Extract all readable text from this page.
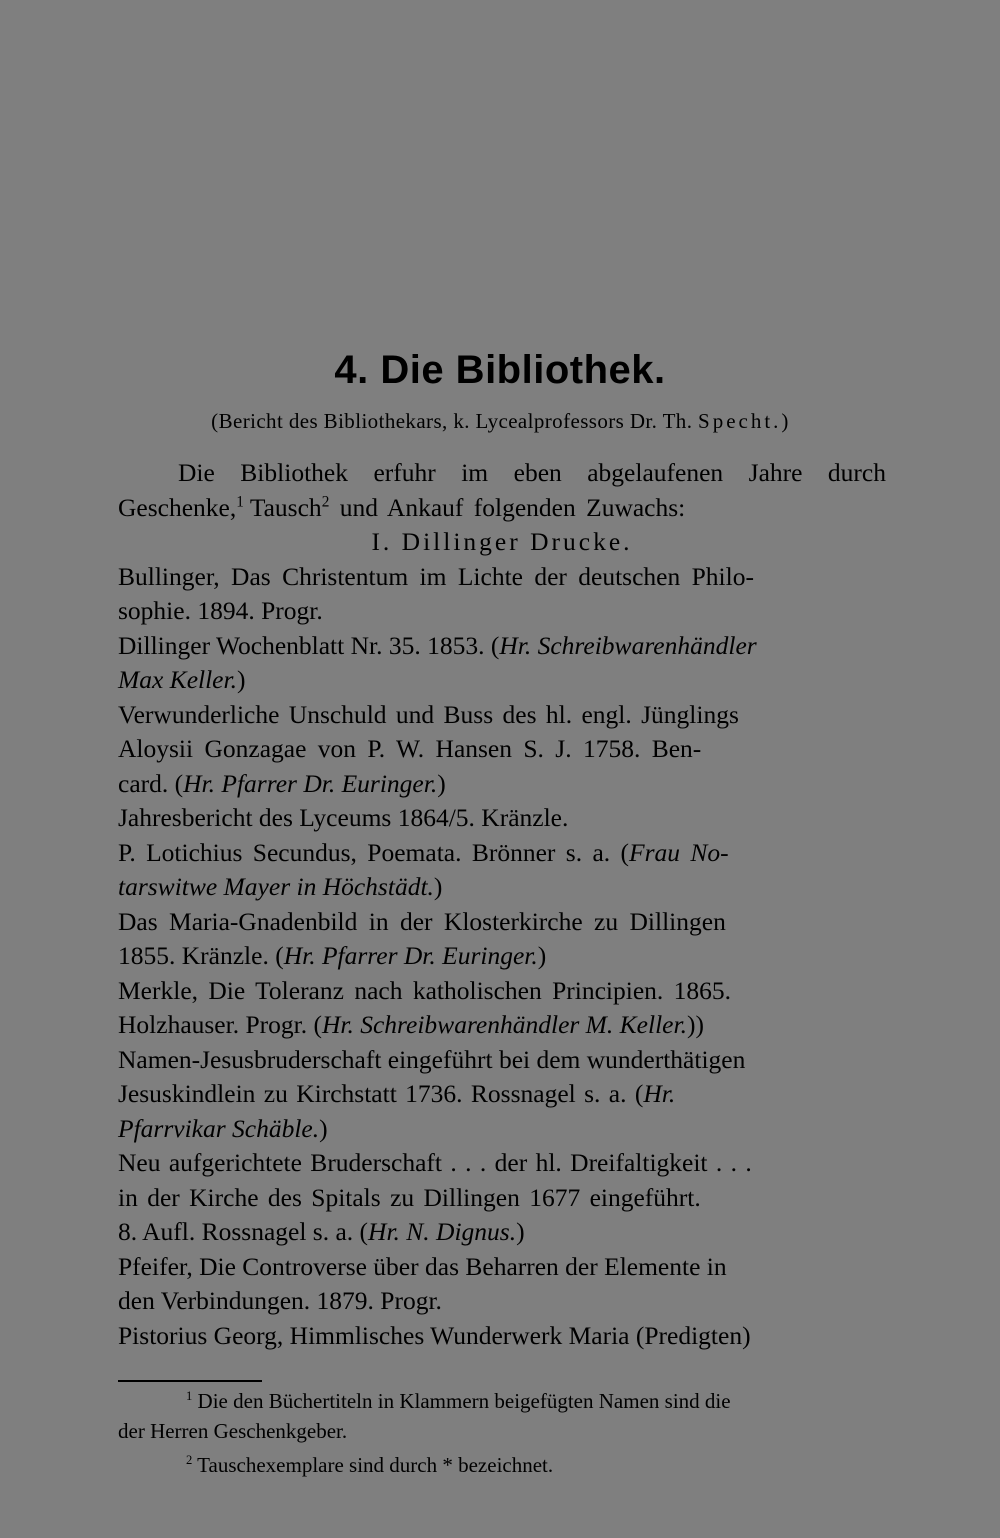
4. Die Bibliothek.
(Bericht des Bibliothekars, k. Lycealprofessors Dr. Th. Specht.)
Die Bibliothek erfuhr im eben abgelaufenen Jahre durch
Geschenke,$^1$ Tausch$^2$ und Ankauf folgenden Zuwachs:
I. Dillinger Drucke.
Bullinger, Das Christentum im Lichte der deutschen Philo-
sophie. 1894. Progr.
Dillinger Wochenblatt Nr. 35. 1853. (Hr. Schreibwarenhändler
Max Keller.)
Verwunderliche Unschuld und Buss des hl. engl. Jünglings
Aloysii Gonzagae von P. W. Hansen S. J. 1758. Ben-
card. (Hr. Pfarrer Dr. Euringer.)
Jahresbericht des Lyceums 1864/5. Kränzle.
P. Lotichius Secundus, Poemata. Brönner s. a. (Frau No-
tarswitwe Mayer in Höchstädt.)
Das Maria-Gnadenbild in der Klosterkirche zu Dillingen
1855. Kränzle. (Hr. Pfarrer Dr. Euringer.)
Merkle, Die Toleranz nach katholischen Principien. 1865.
Holzhauser. Progr. (Hr. Schreibwarenhändler M. Keller.))
Namen-Jesusbruderschaft eingeführt bei dem wunderthätigen
Jesuskindlein zu Kirchstatt 1736. Rossnagel s. a. (Hr.
Pfarrvikar Schäble.)
Neu aufgerichtete Bruderschaft . . . der hl. Dreifaltigkeit . . .
in der Kirche des Spitals zu Dillingen 1677 eingeführt.
8. Aufl. Rossnagel s. a. (Hr. N. Dignus.)
Pfeifer, Die Controverse über das Beharren der Elemente in
den Verbindungen. 1879. Progr.
Pistorius Georg, Himmlisches Wunderwerk Maria (Predigten)
$^1$ Die den Büchertiteln in Klammern beigefügten Namen sind die
der Herren Geschenkgeber.
$^2$ Tauschexemplare sind durch * bezeichnet.
